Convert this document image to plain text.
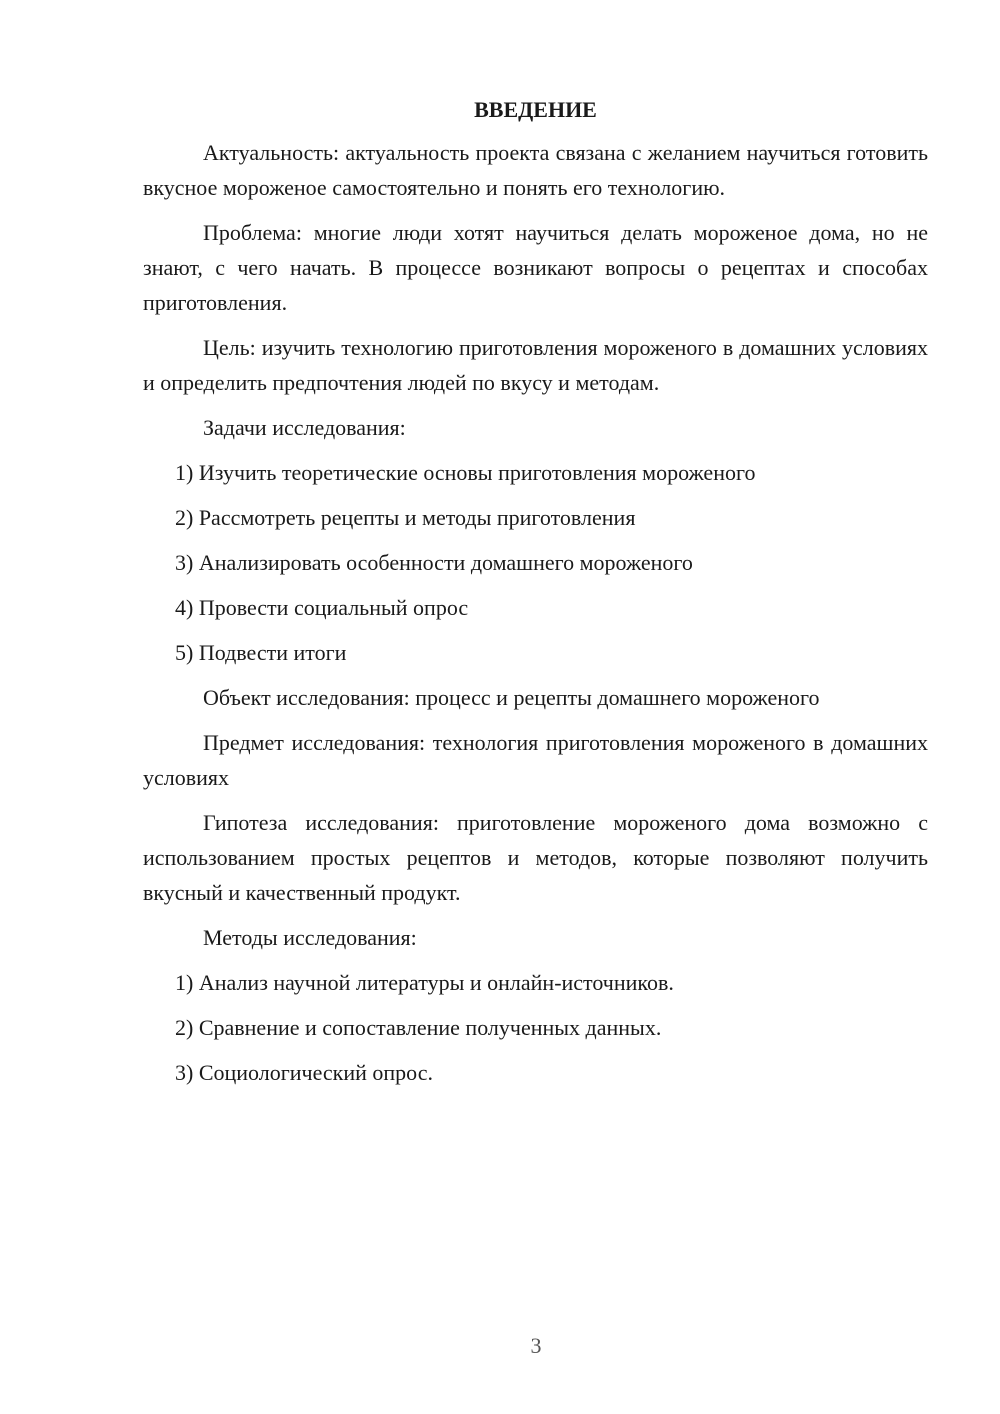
ВВЕДЕНИЕ

Актуальность: актуальность проекта связана с желанием научиться готовить вкусное мороженое самостоятельно и понять его технологию.

Проблема: многие люди хотят научиться делать мороженое дома, но не знают, с чего начать. В процессе возникают вопросы о рецептах и способах приготовления.

Цель: изучить технологию приготовления мороженого в домашних условиях и определить предпочтения людей по вкусу и методам.

Задачи исследования:

1) Изучить теоретические основы приготовления мороженого
2) Рассмотреть рецепты и методы приготовления
3) Анализировать особенности домашнего мороженого
4) Провести социальный опрос
5) Подвести итоги

Объект исследования: процесс и рецепты домашнего мороженого

Предмет исследования: технология приготовления мороженого в домашних условиях

Гипотеза исследования: приготовление мороженого дома возможно с использованием простых рецептов и методов, которые позволяют получить вкусный и качественный продукт.

Методы исследования:

1) Анализ научной литературы и онлайн-источников.
2) Сравнение и сопоставление полученных данных.
3) Социологический опрос.
3
